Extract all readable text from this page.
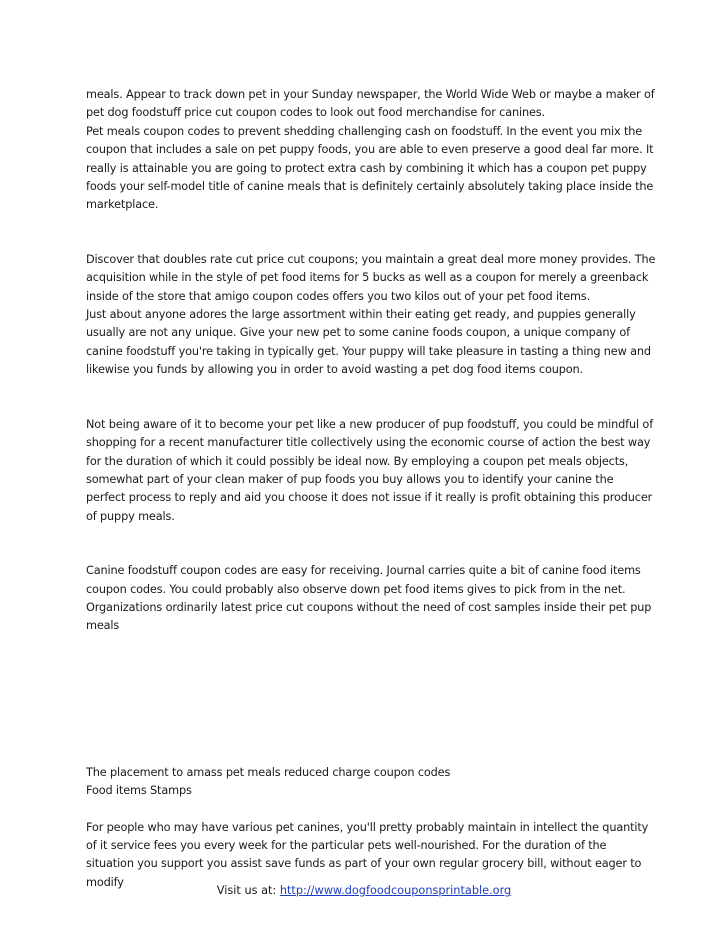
meals. Appear to track down pet in your Sunday newspaper, the World Wide Web or maybe a maker of pet dog foodstuff price cut coupon codes to look out food merchandise for canines.

Pet meals coupon codes to prevent shedding challenging cash on foodstuff. In the event you mix the coupon that includes a sale on pet puppy foods, you are able to even preserve a good deal far more. It really is attainable you are going to protect extra cash by combining it which has a coupon pet puppy foods your self-model title of canine meals that is definitely certainly absolutely taking place inside the marketplace.

Discover that doubles rate cut price cut coupons; you maintain a great deal more money provides. The acquisition while in the style of pet food items for 5 bucks as well as a coupon for merely a greenback inside of the store that amigo coupon codes offers you two kilos out of your pet food items.

Just about anyone adores the large assortment within their eating get ready, and puppies generally usually are not any unique. Give your new pet to some canine foods coupon, a unique company of canine foodstuff you're taking in typically get. Your puppy will take pleasure in tasting a thing new and likewise you funds by allowing you in order to avoid wasting a pet dog food items coupon.

Not being aware of it to become your pet like a new producer of pup foodstuff, you could be mindful of shopping for a recent manufacturer title collectively using the economic course of action the best way for the duration of which it could possibly be ideal now. By employing a coupon pet meals objects, somewhat part of your clean maker of pup foods you buy allows you to identify your canine the perfect process to reply and aid you choose it does not issue if it really is profit obtaining this producer of puppy meals.

Canine foodstuff coupon codes are easy for receiving. Journal carries quite a bit of canine food items coupon codes. You could probably also observe down pet food items gives to pick from in the net. Organizations ordinarily latest price cut coupons without the need of cost samples inside their pet pup meals

The placement to amass pet meals reduced charge coupon codes

Food items Stamps

For people who may have various pet canines, you'll pretty probably maintain in intellect the quantity of it service fees you every week for the particular pets well-nourished. For the duration of the situation you support you assist save funds as part of your own regular grocery bill, without eager to modify

Visit us at: http://www.dogfoodcouponsprintable.org
